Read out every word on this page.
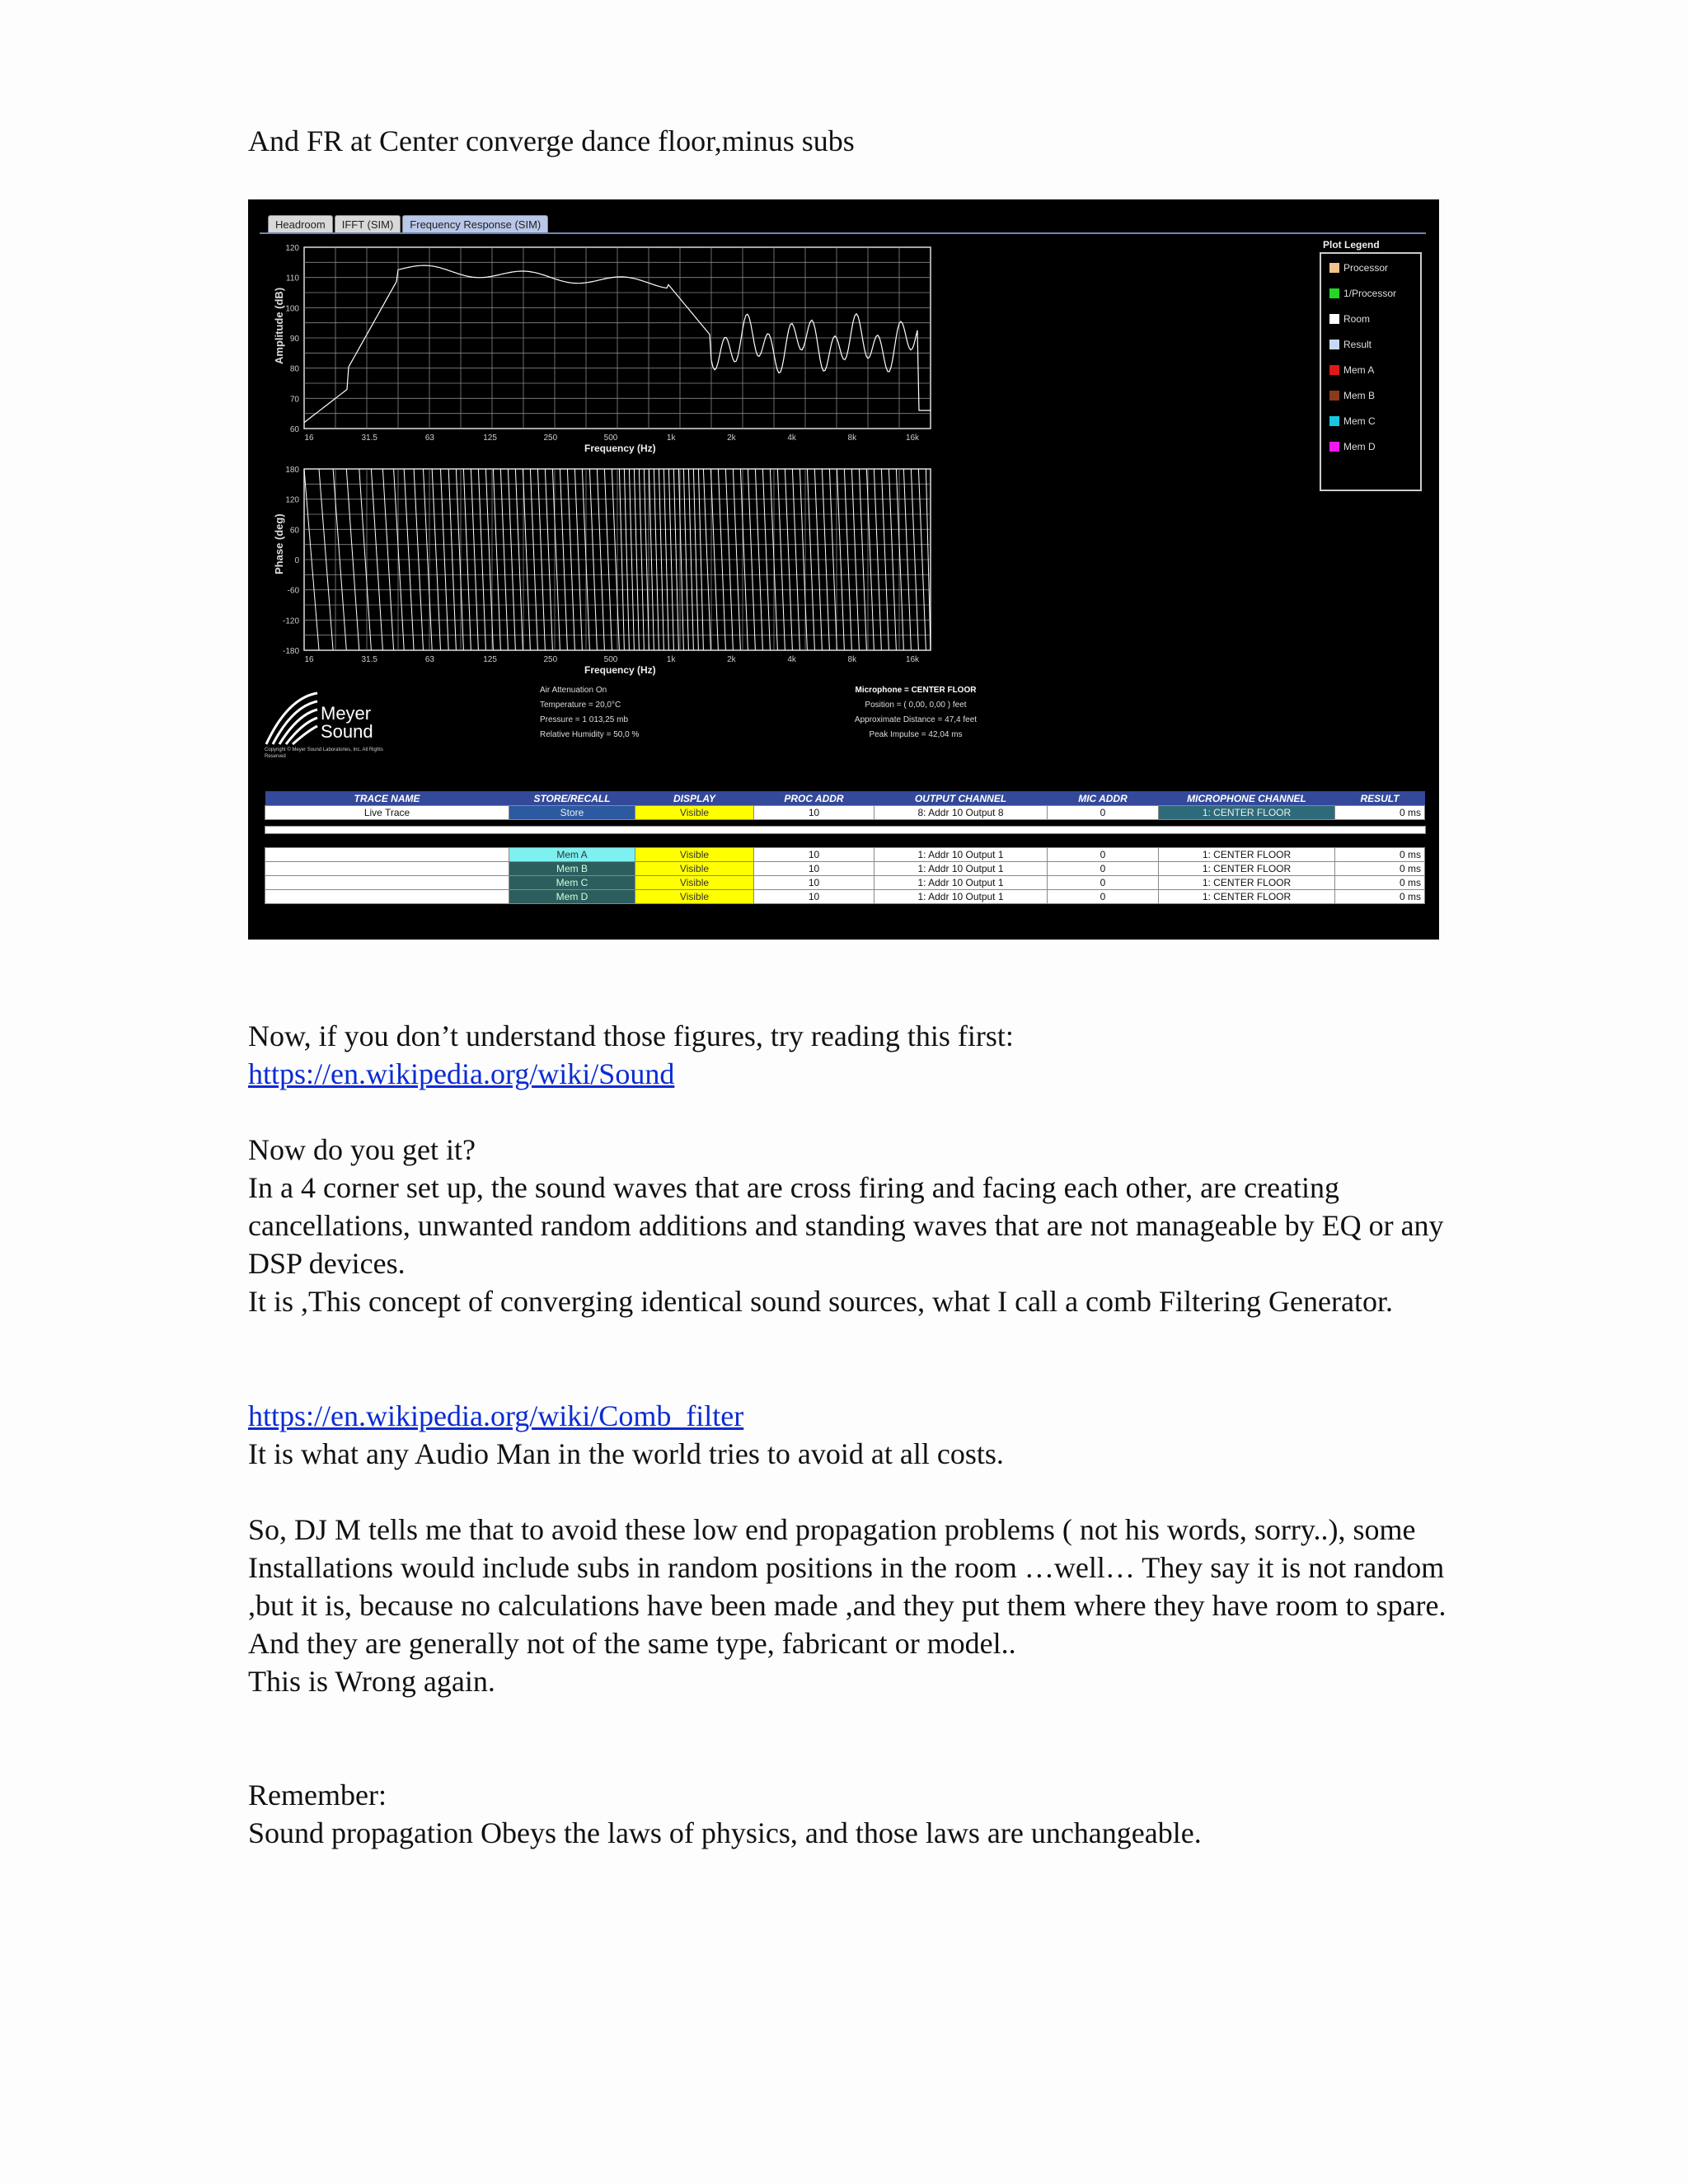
And FR at Center converge dance floor,minus subs
Headroom	IFFT (SIM)	Frequency Response (SIM)
120
110
100
90
80
70
60
16	31.5	63	125	250	500	1k	2k	4k	8k	16k
Frequency (Hz)
180
120
60
0
-60
-120
-180
16	31.5	63	125	250	500	1k	2k	4k	8k	16k
Frequency (Hz)
Amplitude (dB)
Phase (deg)
Plot Legend
Processor
1/Processor
Room
Result
Mem A
Mem B
Mem C
Mem D
Meyer
Sound
Copyright © Meyer Sound Laboratories, Inc. All Rights Reserved
Air Attenuation On
Temperature = 20,0°C
Pressure = 1 013,25 mb
Relative Humidity = 50,0 %
Microphone = CENTER FLOOR
Position = ( 0,00, 0,00 ) feet
Approximate Distance = 47,4 feet
Peak Impulse = 42,04 ms
TRACE NAME	STORE/RECALL	DISPLAY	PROC ADDR	OUTPUT CHANNEL	MIC ADDR	MICROPHONE CHANNEL	RESULT
Live Trace	Store	Visible	10	8: Addr 10 Output 8	0	1: CENTER FLOOR	0 ms
	Mem A	Visible	10	1: Addr 10 Output 1	0	1: CENTER FLOOR	0 ms
	Mem B	Visible	10	1: Addr 10 Output 1	0	1: CENTER FLOOR	0 ms
	Mem C	Visible	10	1: Addr 10 Output 1	0	1: CENTER FLOOR	0 ms
	Mem D	Visible	10	1: Addr 10 Output 1	0	1: CENTER FLOOR	0 ms
Now, if you don’t understand those figures, try reading this first:
https://en.wikipedia.org/wiki/Sound
Now do you get it?
In a 4 corner set up, the sound waves that are cross firing and facing each other, are creating cancellations, unwanted random additions and standing waves that are not manageable by EQ or any DSP devices.
It is ,This concept of converging identical sound sources, what I call a comb Filtering Generator.
https://en.wikipedia.org/wiki/Comb_filter
It is what any Audio Man in the world tries to avoid at all costs.
So, DJ M tells me that to avoid these low end propagation problems ( not his words, sorry..), some Installations would include subs in random positions in the room …well… They say it is not random ,but it is, because no calculations have been made ,and they put them where they have room to spare. And they are generally not of the same type, fabricant or model..
This is Wrong again.
Remember:
Sound propagation Obeys the laws of physics, and those laws are unchangeable.
